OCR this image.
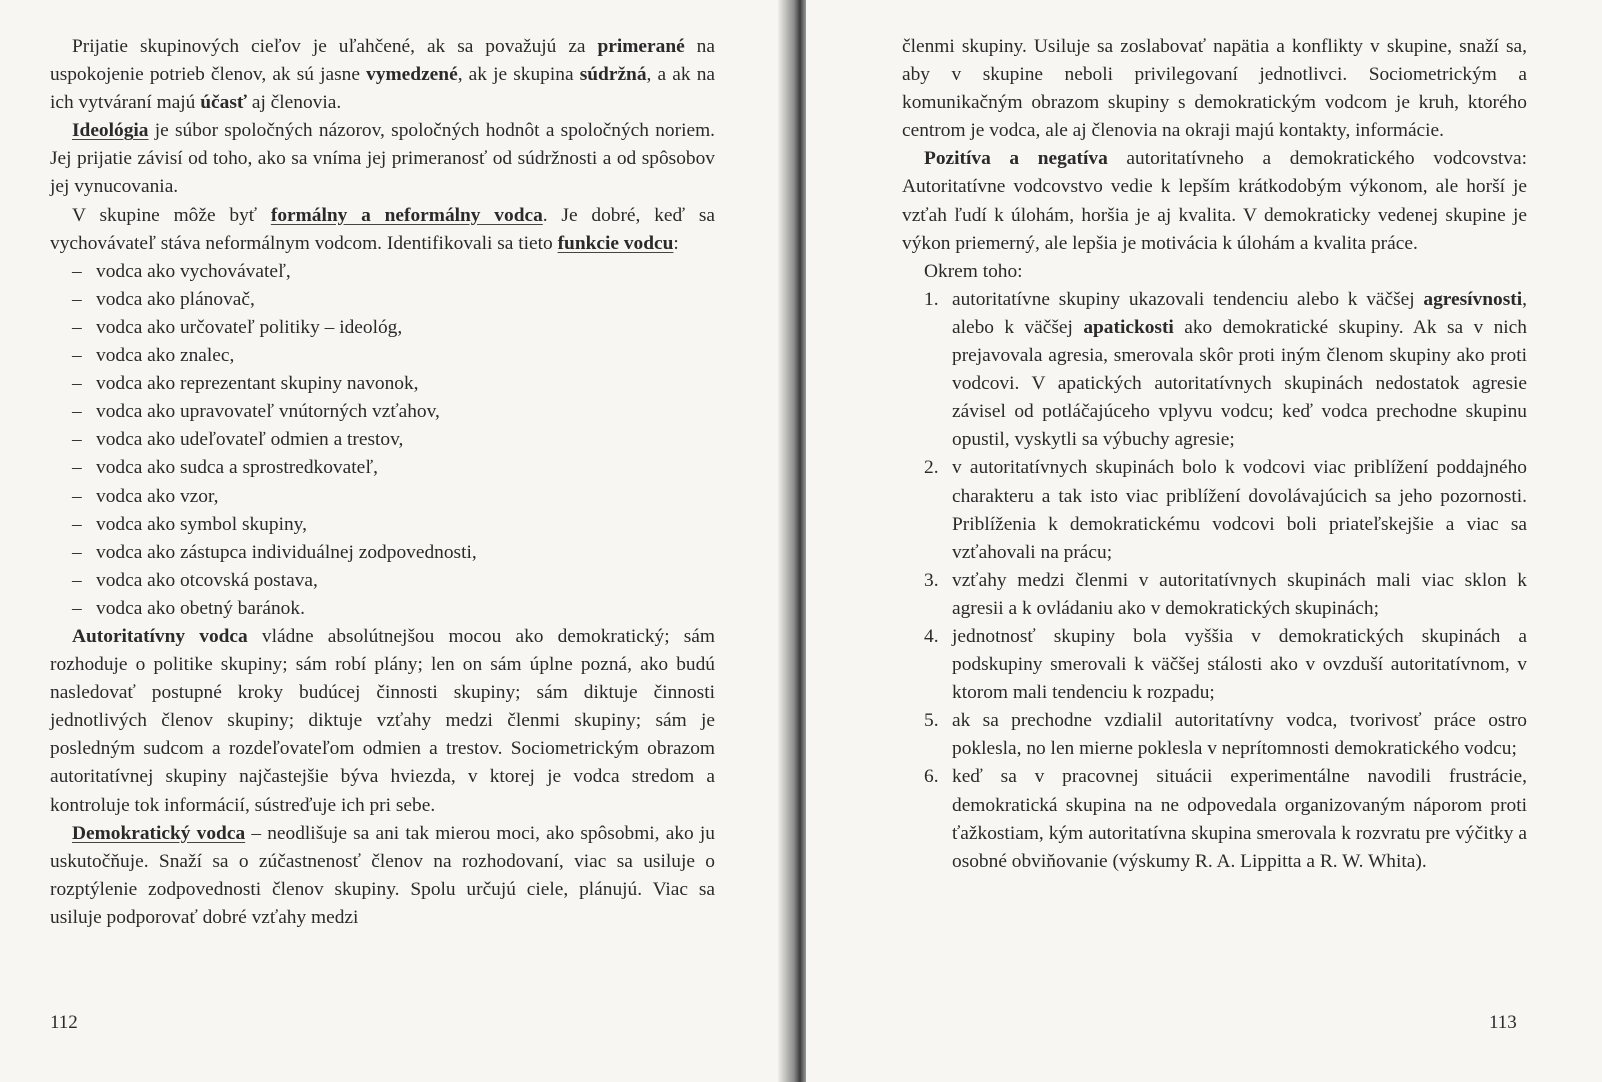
Prijatie skupinových cieľov je uľahčené, ak sa považujú za primerané na uspokojenie potrieb členov, ak sú jasne vymedzené, ak je skupina súdržná, a ak na ich vytváraní majú účasť aj členovia.

Ideológia je súbor spoločných názorov, spoločných hodnôt a spoločných noriem. Jej prijatie závisí od toho, ako sa vníma jej primeranosť od súdržnosti a od spôsobov jej vynucovania.

V skupine môže byť formálny a neformálny vodca. Je dobré, keď sa vychovávateľ stáva neformálnym vodcom. Identifikovali sa tieto funkcie vodcu:

– vodca ako vychovávateľ,
– vodca ako plánovač,
– vodca ako určovateľ politiky – ideológ,
– vodca ako znalec,
– vodca ako reprezentant skupiny navonok,
– vodca ako upravovateľ vnútorných vzťahov,
– vodca ako udeľovateľ odmien a trestov,
– vodca ako sudca a sprostredkovateľ,
– vodca ako vzor,
– vodca ako symbol skupiny,
– vodca ako zástupca individuálnej zodpovednosti,
– vodca ako otcovská postava,
– vodca ako obetný baránok.

Autoritatívny vodca vládne absolútnejšou mocou ako demokratický; sám rozhoduje o politike skupiny; sám robí plány; len on sám úplne pozná, ako budú nasledovať postupné kroky budúcej činnosti skupiny; sám diktuje činnosti jednotlivých členov skupiny; diktuje vzťahy medzi členmi skupiny; sám je posledným sudcom a rozdeľovateľom odmien a trestov. Sociometrickým obrazom autoritatívnej skupiny najčastejšie býva hviezda, v ktorej je vodca stredom a kontroluje tok informácií, sústreďuje ich pri sebe.

Demokratický vodca – neodlišuje sa ani tak mierou moci, ako spôsobmi, ako ju uskutočňuje. Snaží sa o zúčastnenosť členov na rozhodovaní, viac sa usiluje o rozptýlenie zodpovednosti členov skupiny. Spolu určujú ciele, plánujú. Viac sa usiluje podporovať dobré vzťahy medzi

112

členmi skupiny. Usiluje sa zoslabovať napätia a konflikty v skupine, snaží sa, aby v skupine neboli privilegovaní jednotlivci. Sociometrickým a komunikačným obrazom skupiny s demokratickým vodcom je kruh, ktorého centrom je vodca, ale aj členovia na okraji majú kontakty, informácie.

Pozitíva a negatíva autoritatívneho a demokratického vodcovstva: Autoritatívne vodcovstvo vedie k lepším krátkodobým výkonom, ale horší je vzťah ľudí k úlohám, horšia je aj kvalita. V demokraticky vedenej skupine je výkon priemerný, ale lepšia je motivácia k úlohám a kvalita práce.

Okrem toho:

1. autoritatívne skupiny ukazovali tendenciu alebo k väčšej agresívnosti, alebo k väčšej apatickosti ako demokratické skupiny. Ak sa v nich prejavovala agresia, smerovala skôr proti iným členom skupiny ako proti vodcovi. V apatických autoritatívnych skupinách nedostatok agresie závisel od potláčajúceho vplyvu vodcu; keď vodca prechodne skupinu opustil, vyskytli sa výbuchy agresie;
2. v autoritatívnych skupinách bolo k vodcovi viac priblížení poddajného charakteru a tak isto viac priblížení dovolávajúcich sa jeho pozornosti. Priblíženia k demokratickému vodcovi boli priateľskejšie a viac sa vzťahovali na prácu;
3. vzťahy medzi členmi v autoritatívnych skupinách mali viac sklon k agresii a k ovládaniu ako v demokratických skupinách;
4. jednotnosť skupiny bola vyššia v demokratických skupinách a podskupiny smerovali k väčšej stálosti ako v ovzduší autoritatívnom, v ktorom mali tendenciu k rozpadu;
5. ak sa prechodne vzdialil autoritatívny vodca, tvorivosť práce ostro poklesla, no len mierne poklesla v neprítomnosti demokratického vodcu;
6. keď sa v pracovnej situácii experimentálne navodili frustrácie, demokratická skupina na ne odpovedala organizovaným náporom proti ťažkostiam, kým autoritatívna skupina smerovala k rozvratu pre výčitky a osobné obviňovanie (výskumy R. A. Lippitta a R. W. Whita).
113
